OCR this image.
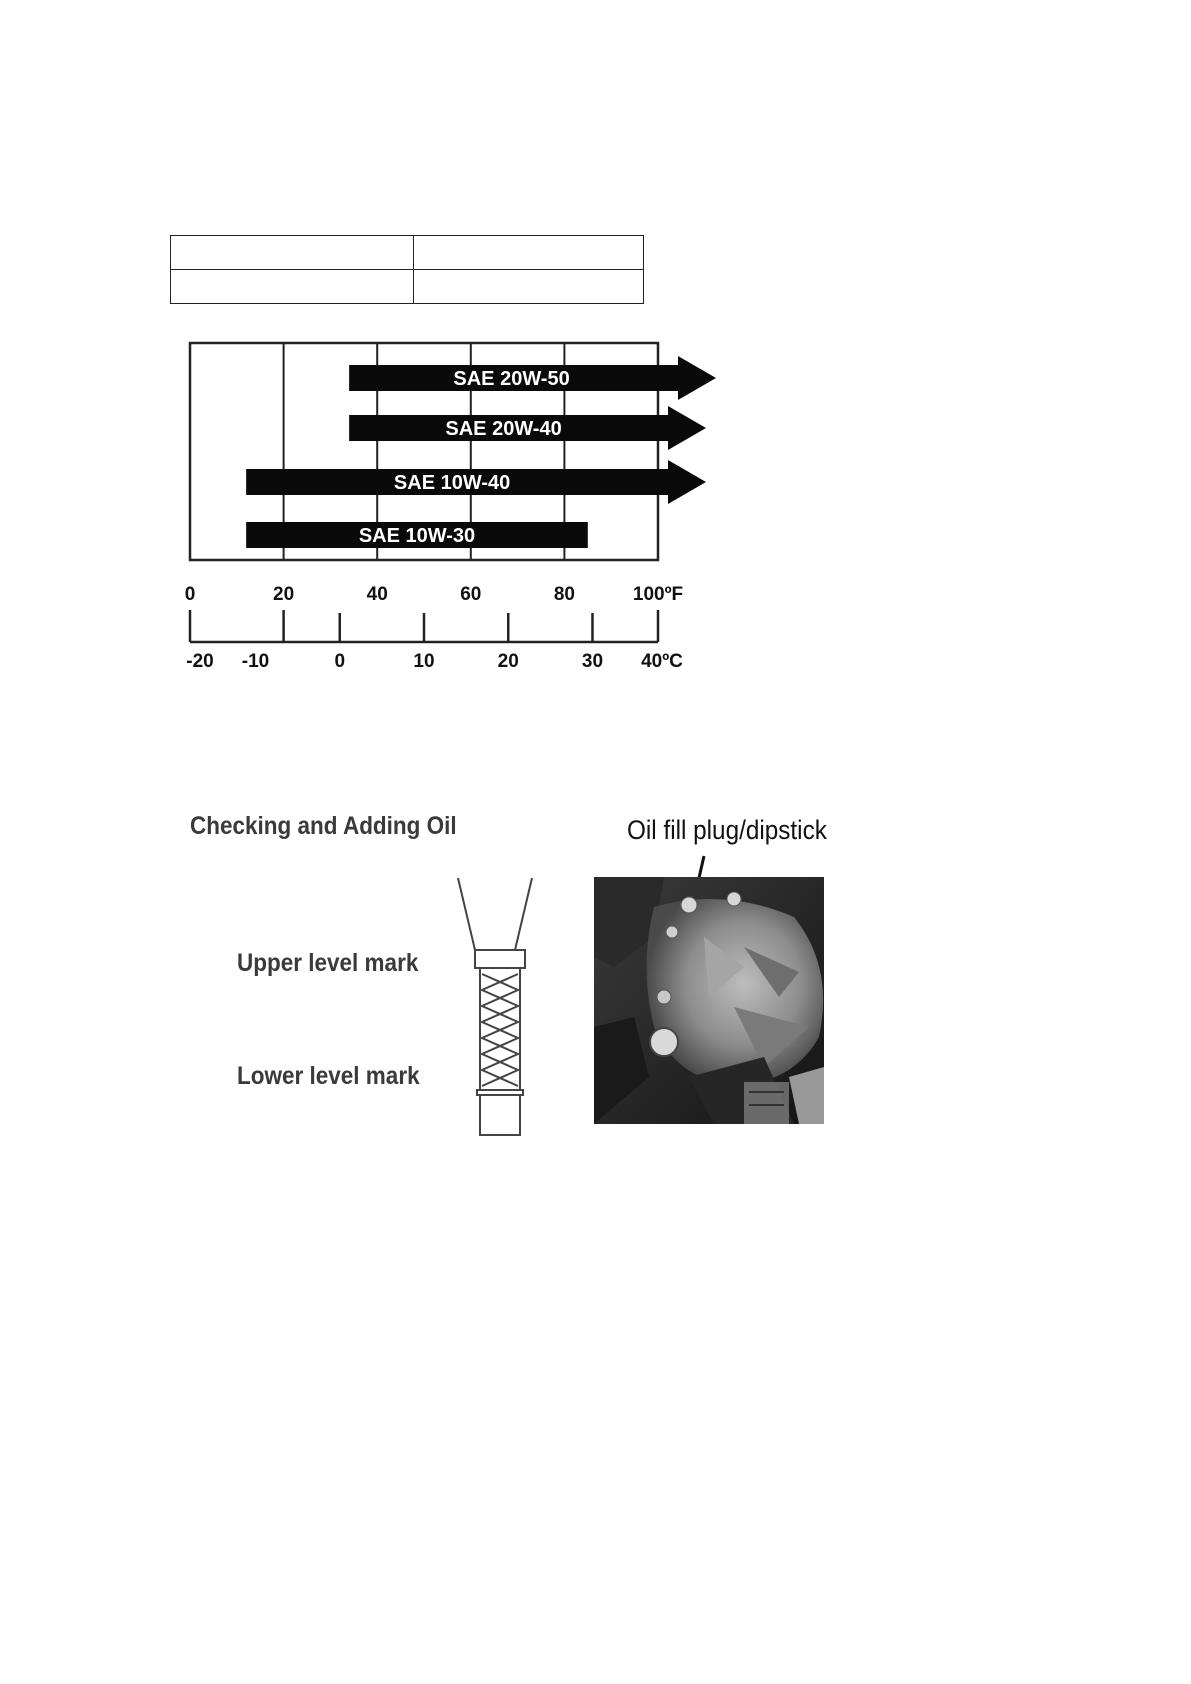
SAE 20W-50
SAE 20W-40
SAE 10W-40
SAE 10W-30
0	20	40	60	80	100ºF
-20 -10	0	10	20	30 40ºC
Checking and Adding Oil
Upper level mark
Lower level mark
Oil fill plug/dipstick
